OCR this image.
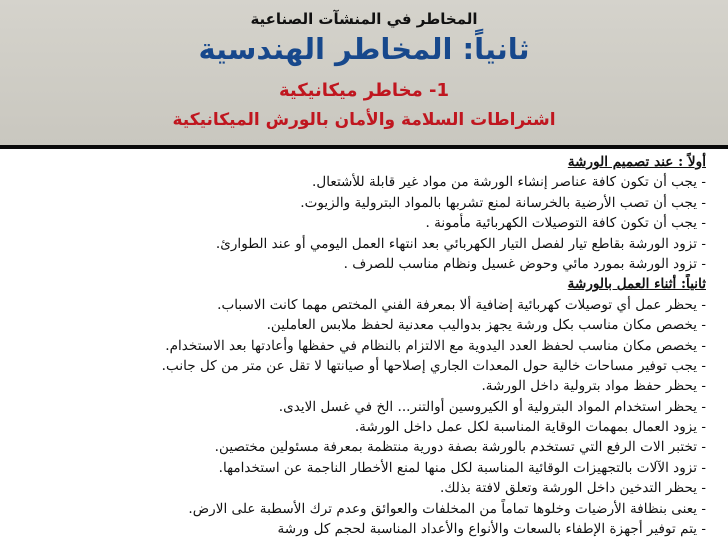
المخاطر في المنشآت الصناعية
ثانياً: المخاطر الهندسية
1- مخاطر ميكانيكية
اشتراطات السلامة والأمان بالورش الميكانيكية
أولاً : عند تصميم الورشة
- يجب أن تكون كافة عناصر إنشاء الورشة من مواد غير قابلة للأشتعال.
- يجب أن تصب الأرضية بالخرسانة لمنع تشربها بالمواد البترولية والزيوت.
- يجب أن تكون كافة التوصيلات الكهربائية مأمونة .
- تزود الورشة بقاطع تيار لفصل التيار الكهربائي بعد انتهاء العمل اليومي أو عند الطوارئ.
- تزود الورشة بمورد مائي وحوض غسيل ونظام مناسب للصرف .
ثانياً: أثناء العمل بالورشة
- يحظر عمل أي توصيلات كهربائية إضافية ألا بمعرفة الفني المختص مهما كانت الاسباب.
- يخصص مكان مناسب بكل ورشة يجهز بدواليب معدنية لحفظ ملابس العاملين.
- يخصص مكان مناسب لحفظ العدد اليدوية مع الالتزام بالنظام في حفظها وأعادتها بعد الاستخدام.
- يجب توفير مساحات خالية حول المعدات الجاري إصلاحها أو صيانتها لا تقل عن متر من كل جانب.
- يحظر حفظ مواد بترولية داخل الورشة.
- يحظر استخدام المواد البترولية أو الكيروسين أوالتنر... الخ في غسل الايدى.
- يزود العمال بمهمات الوقاية المناسبة لكل عمل داخل الورشة.
- تختبر الات الرفع التي تستخدم بالورشة بصفة دورية منتظمة بمعرفة مسئولين مختصين.
- تزود الآلات بالتجهيزات الوقائية المناسبة لكل منها لمنع الأخطار الناجمة عن استخدامها.
- يحظر التدخين داخل الورشة وتعلق لافتة بذلك.
- يعنى بنظافة الأرضيات وخلوها تماماً من المخلفات والعوائق وعدم ترك الأسطبة على الارض.
- يتم توفير أجهزة الإطفاء بالسعات والأنواع والأعداد المناسبة لحجم كل ورشة
